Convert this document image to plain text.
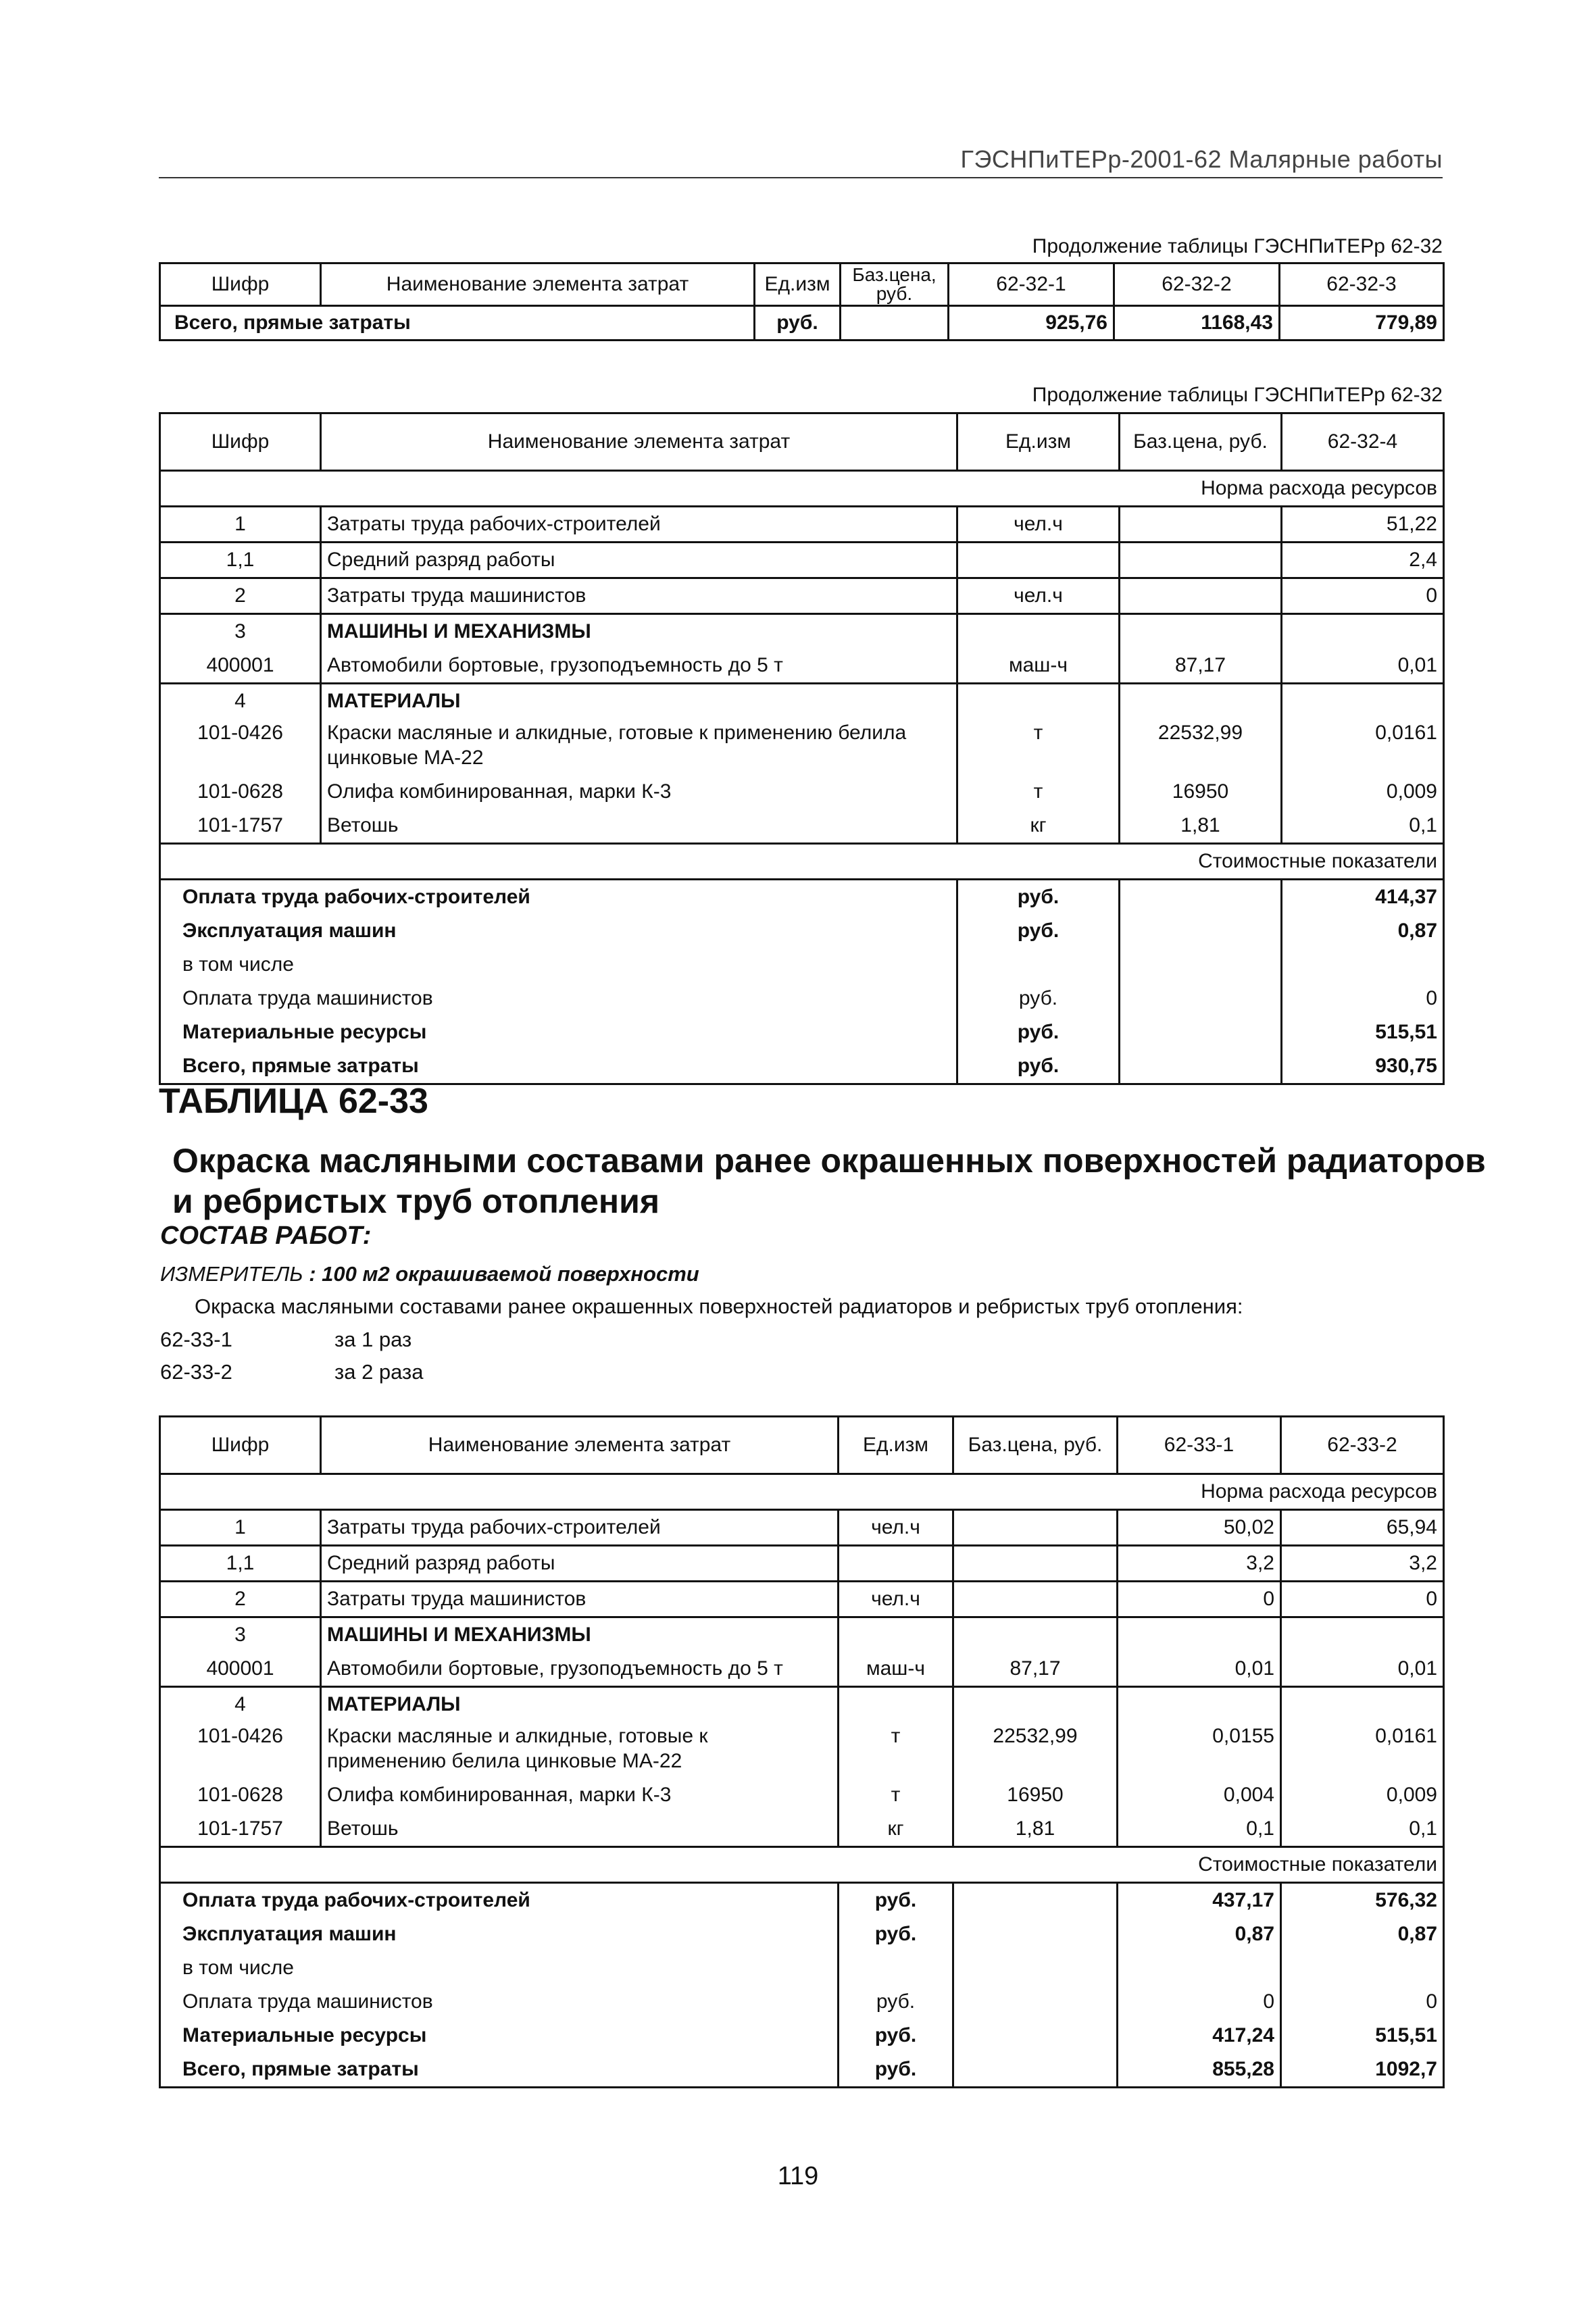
ГЭСНПиТЕРр-2001-62 Малярные работы
Продолжение таблицы ГЭСНПиТЕРр 62-32
Шифр	Наименование элемента затрат	Ед.изм	Баз.цена, руб.	62-32-1	62-32-2	62-32-3
Всего, прямые затраты		руб.		925,76	1168,43	779,89
Продолжение таблицы ГЭСНПиТЕРр 62-32
Шифр	Наименование элемента затрат	Ед.изм	Баз.цена, руб.	62-32-4
Норма расхода ресурсов				
1	Затраты труда рабочих-строителей	чел.ч		51,22
1,1	Средний разряд работы			2,4
2	Затраты труда машинистов	чел.ч		0
3	МАШИНЫ И МЕХАНИЗМЫ			
400001	Автомобили бортовые, грузоподъемность до 5 т	маш-ч	87,17	0,01
4	МАТЕРИАЛЫ			
101-0426	Краски масляные и алкидные, готовые к применению белила цинковые МА-22	т	22532,99	0,0161
101-0628	Олифа комбинированная, марки К-3	т	16950	0,009
101-1757	Ветошь	кг	1,81	0,1
Стоимостные показатели				
Оплата труда рабочих-строителей		руб.		414,37
Эксплуатация машин		руб.		0,87
в том числе				
Оплата труда машинистов		руб.		0
Материальные ресурсы		руб.		515,51
Всего, прямые затраты		руб.		930,75
ТАБЛИЦА 62-33
Окраска масляными составами ранее окрашенных поверхностей радиаторов и ребристых труб отопления
СОСТАВ РАБОТ:
ИЗМЕРИТЕЛЬ : 100 м2 окрашиваемой поверхности
Окраска масляными составами ранее окрашенных поверхностей радиаторов и ребристых труб отопления:
62-33-1	за 1 раз
62-33-2	за 2 раза
Шифр	Наименование элемента затрат	Ед.изм	Баз.цена, руб.	62-33-1	62-33-2
Норма расхода ресурсов					
1	Затраты труда рабочих-строителей	чел.ч		50,02	65,94
1,1	Средний разряд работы			3,2	3,2
2	Затраты труда машинистов	чел.ч		0	0
3	МАШИНЫ И МЕХАНИЗМЫ				
400001	Автомобили бортовые, грузоподъемность до 5 т	маш-ч	87,17	0,01	0,01
4	МАТЕРИАЛЫ				
101-0426	Краски масляные и алкидные, готовые к применению белила цинковые МА-22	т	22532,99	0,0155	0,0161
101-0628	Олифа комбинированная, марки К-3	т	16950	0,004	0,009
101-1757	Ветошь	кг	1,81	0,1	0,1
Стоимостные показатели					
Оплата труда рабочих-строителей		руб.		437,17	576,32
Эксплуатация машин		руб.		0,87	0,87
в том числе					
Оплата труда машинистов		руб.		0	0
Материальные ресурсы		руб.		417,24	515,51
Всего, прямые затраты		руб.		855,28	1092,7
119
